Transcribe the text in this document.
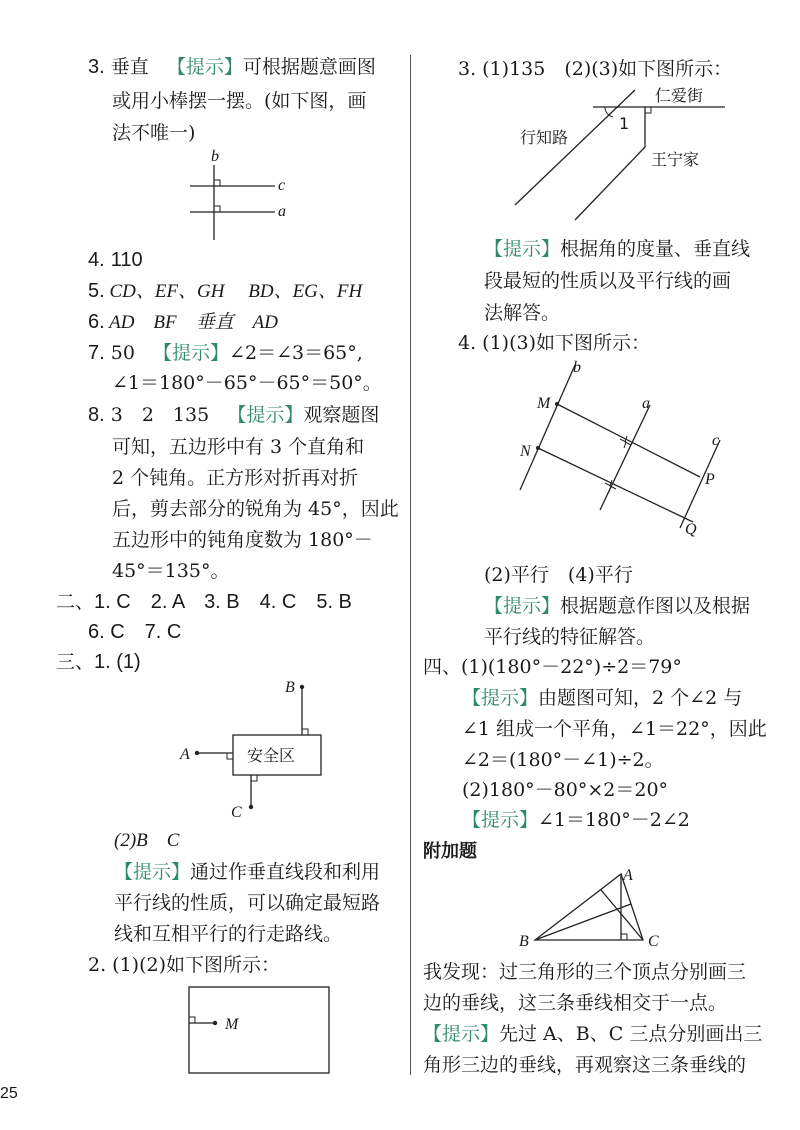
3. 垂直 【提示】可根据题意画图
或用小棒摆一摆。(如下图，画
法不唯一)
b
c
a
4. 110
5. CD、EF、GH　 BD、EG、FH
6. AD　BF　垂直　AD
7. 50 【提示】∠2＝∠3＝65°,
∠1＝180°－65°－65°＝50°。
8. 3　2　135 【提示】观察题图
可知，五边形中有 3 个直角和
2 个钝角。正方形对折再对折
后，剪去部分的锐角为 45°，因此
五边形中的钝角度数为 180°－
45°＝135°。
二、1. C　2. A　3. B　4. C　5. B
6. C　7. C
三、1. (1)
安全区
B
A
C
(2)B　C
【提示】通过作垂直线段和利用
平行线的性质，可以确定最短路
线和互相平行的行走路线。
2. (1)(2)如下图所示：
M
3. (1)135　(2)(3)如下图所示：
1
仁爱街
行知路
王宁家
【提示】根据角的度量、垂直线
段最短的性质以及平行线的画
法解答。
4. (1)(3)如下图所示：
b
a
c
M
N
P
Q
(2)平行　(4)平行
【提示】根据题意作图以及根据
平行线的特征解答。
四、(1)(180°－22°)÷2＝79°
【提示】由题图可知，2 个∠2 与
∠1 组成一个平角，∠1＝22°，因此
∠2＝(180°－∠1)÷2。
(2)180°－80°×2＝20°
【提示】∠1＝180°－2∠2
附加题
A
B	C
我发现：过三角形的三个顶点分别画三
边的垂线，这三条垂线相交于一点。
【提示】先过 A、B、C 三点分别画出三
角形三边的垂线，再观察这三条垂线的
25
